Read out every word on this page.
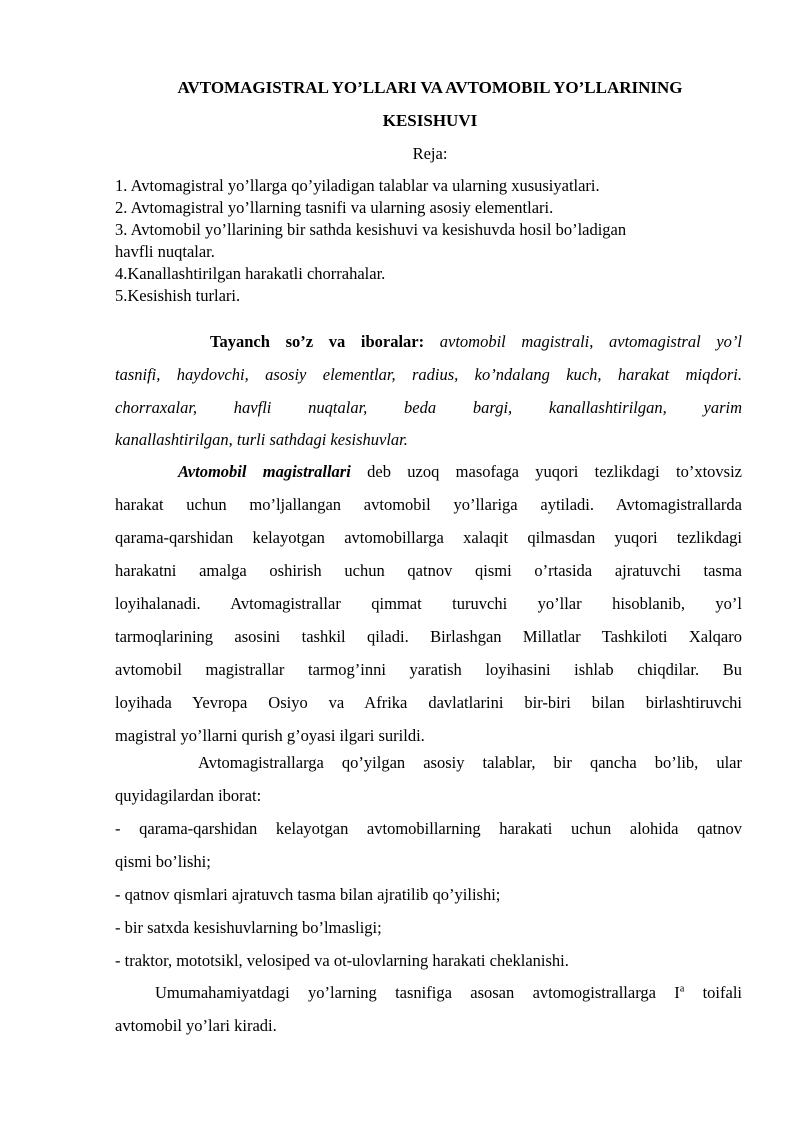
AVTOMAGISTRAL YO’LLARI VA AVTOMOBIL YO’LLARINING
KESISHUVI
Reja:
1. Avtomagistral yo’llarga qo’yiladigan talablar va ularning xususiyatlari.
2. Avtomagistral yo’llarning tasnifi va ularning asosiy elementlari.
3. Avtomobil yo’llarining bir sathda kesishuvi va kesishuvda hosil bo’ladigan
havfli nuqtalar.
4.Kanallashtirilgan harakatli chorrahalar.
5.Kesishish turlari.
Tayanch so’z va iboralar: avtomobil magistrali, avtomagistral yo’l
tasnifi, haydovchi, asosiy elementlar, radius, ko’ndalang kuch, harakat miqdori.
chorraxalar, havfli nuqtalar, beda bargi, kanallashtirilgan, yarim
kanallashtirilgan, turli sathdagi kesishuvlar.
Avtomobil magistrallari deb uzoq masofaga yuqori tezlikdagi to’xtovsiz
harakat uchun mo’ljallangan avtomobil yo’llariga aytiladi. Avtomagistrallarda
qarama-qarshidan kelayotgan avtomobillarga xalaqit qilmasdan yuqori tezlikdagi
harakatni amalga oshirish uchun qatnov qismi o’rtasida ajratuvchi tasma
loyihalanadi. Avtomagistrallar qimmat turuvchi yo’llar hisoblanib, yo’l
tarmoqlarining asosini tashkil qiladi. Birlashgan Millatlar Tashkiloti Xalqaro
avtomobil magistrallar tarmog’inni yaratish loyihasini ishlab chiqdilar. Bu
loyihada Yevropa Osiyo va Afrika davlatlarini bir-biri bilan birlashtiruvchi
magistral yo’llarni qurish g’oyasi ilgari surildi.
Avtomagistrallarga qo’yilgan asosiy talablar, bir qancha bo’lib, ular
quyidagilardan iborat:
- qarama-qarshidan kelayotgan avtomobillarning harakati uchun alohida qatnov
qismi bo’lishi;
- qatnov qismlari ajratuvch tasma bilan ajratilib qo’yilishi;
- bir satxda kesishuvlarning bo’lmasligi;
- traktor, mototsikl, velosiped va ot-ulovlarning harakati cheklanishi.
Umumahamiyatdagi yo’larning tasnifiga asosan avtomogistrallarga $I^a$ toifali
avtomobil yo’lari kiradi.
